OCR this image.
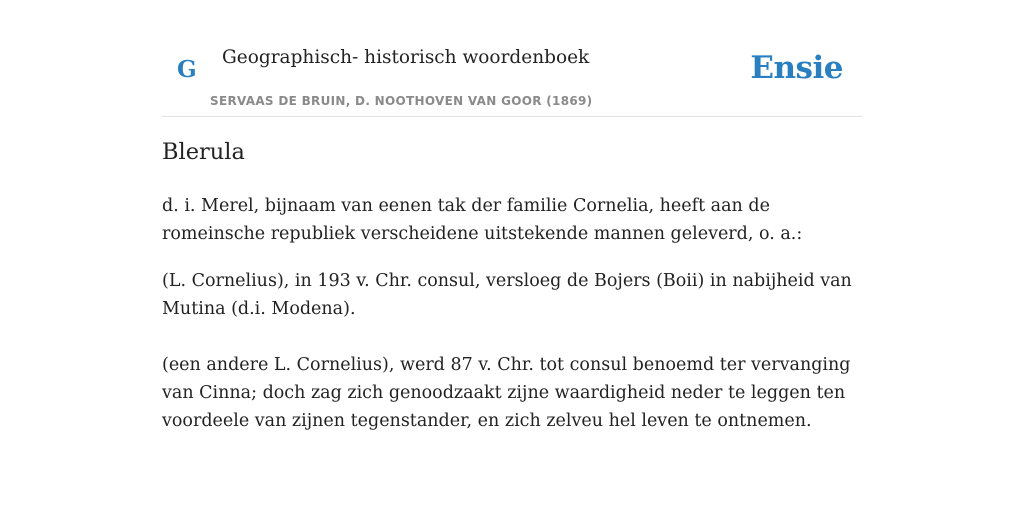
G Geographisch- historisch woordenboek
SERVAAS DE BRUIN, D. NOOTHOVEN VAN GOOR (1869)
Ensie
Blerula

d. i. Merel, bijnaam van eenen tak der familie Cornelia, heeft aan de romeinsche republiek verscheidene uitstekende mannen geleverd, o. a.:

(L. Cornelius), in 193 v. Chr. consul, versloeg de Bojers (Boii) in nabijheid van Mutina (d.i. Modena).

(een andere L. Cornelius), werd 87 v. Chr. tot consul benoemd ter vervanging van Cinna; doch zag zich genoodzaakt zijne waardigheid neder te leggen ten voordeele van zijnen tegenstander, en zich zelveu hel leven te ontnemen.
